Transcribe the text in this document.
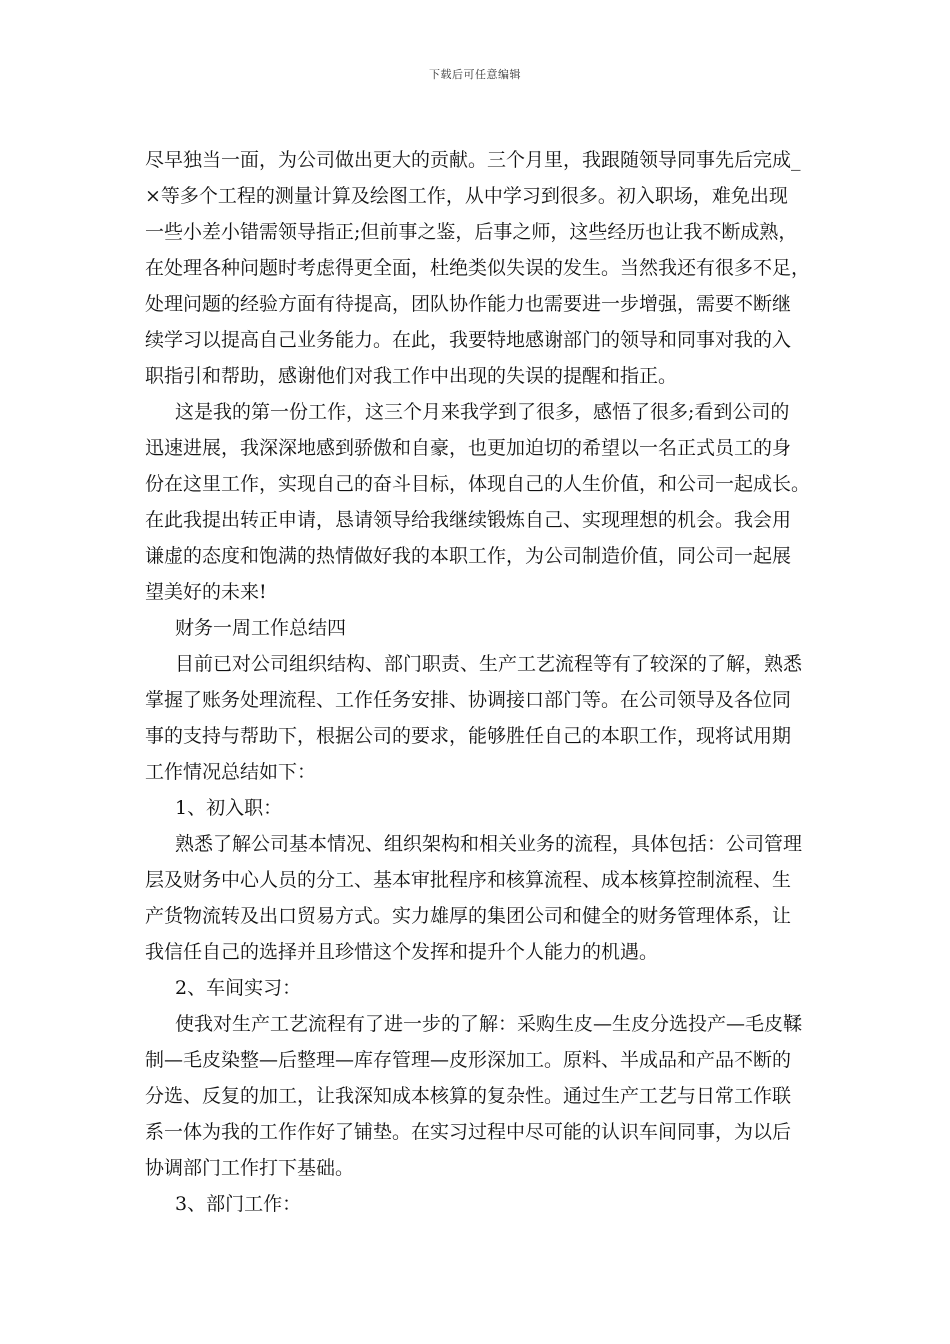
下载后可任意编辑
尽早独当一面，为公司做出更大的贡献。三个月里，我跟随领导同事先后完成_
×等多个工程的测量计算及绘图工作，从中学习到很多。初入职场，难免出现
一些小差小错需领导指正;但前事之鉴，后事之师，这些经历也让我不断成熟，
在处理各种问题时考虑得更全面，杜绝类似失误的发生。当然我还有很多不足，
处理问题的经验方面有待提高，团队协作能力也需要进一步增强，需要不断继
续学习以提高自己业务能力。在此，我要特地感谢部门的领导和同事对我的入
职指引和帮助，感谢他们对我工作中出现的失误的提醒和指正。
这是我的第一份工作，这三个月来我学到了很多，感悟了很多;看到公司的
迅速进展，我深深地感到骄傲和自豪，也更加迫切的希望以一名正式员工的身
份在这里工作，实现自己的奋斗目标，体现自己的人生价值，和公司一起成长。
在此我提出转正申请，恳请领导给我继续锻炼自己、实现理想的机会。我会用
谦虚的态度和饱满的热情做好我的本职工作，为公司制造价值，同公司一起展
望美好的未来!
财务一周工作总结四
目前已对公司组织结构、部门职责、生产工艺流程等有了较深的了解，熟悉
掌握了账务处理流程、工作任务安排、协调接口部门等。在公司领导及各位同
事的支持与帮助下，根据公司的要求，能够胜任自己的本职工作，现将试用期
工作情况总结如下：
1、初入职：
熟悉了解公司基本情况、组织架构和相关业务的流程，具体包括：公司管理
层及财务中心人员的分工、基本审批程序和核算流程、成本核算控制流程、生
产货物流转及出口贸易方式。实力雄厚的集团公司和健全的财务管理体系，让
我信任自己的选择并且珍惜这个发挥和提升个人能力的机遇。
2、车间实习：
使我对生产工艺流程有了进一步的了解：采购生皮—生皮分选投产—毛皮鞣
制—毛皮染整—后整理—库存管理—皮形深加工。原料、半成品和产品不断的
分选、反复的加工，让我深知成本核算的复杂性。通过生产工艺与日常工作联
系一体为我的工作作好了铺垫。在实习过程中尽可能的认识车间同事，为以后
协调部门工作打下基础。
3、部门工作：
